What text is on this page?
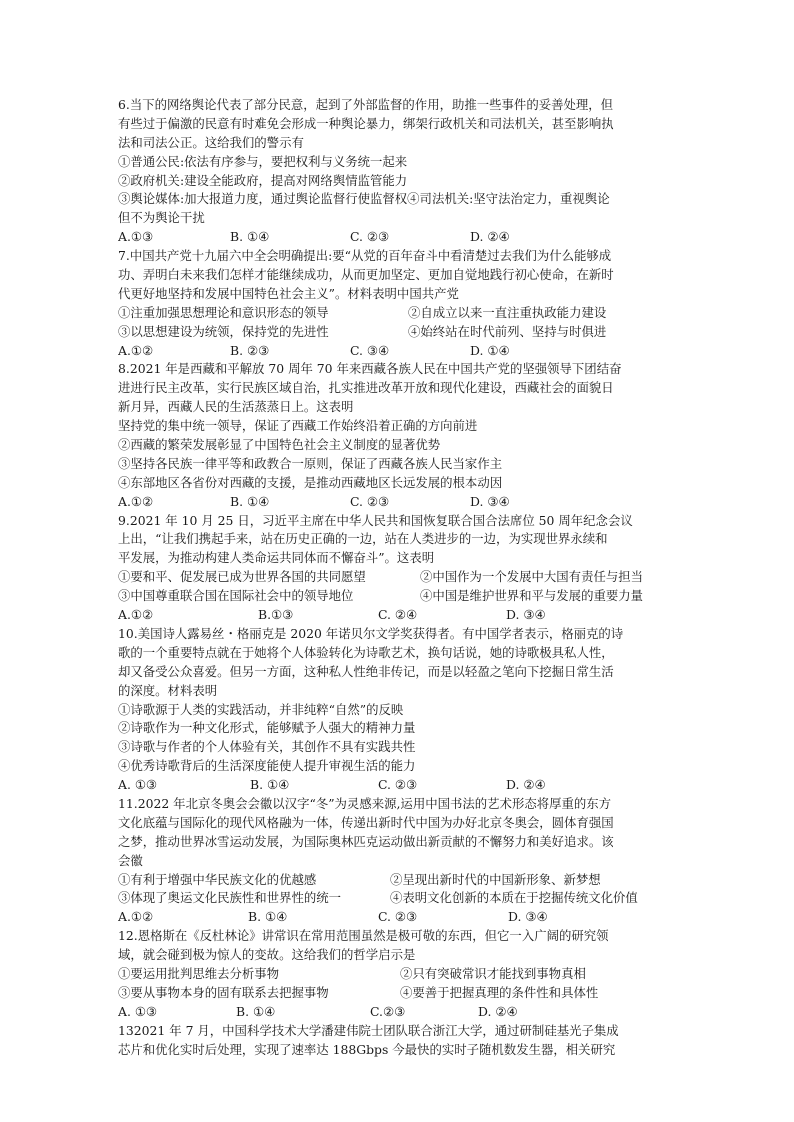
6.当下的网络舆论代表了部分民意，起到了外部监督的作用，助推一些事件的妥善处理，但
有些过于偏激的民意有时难免会形成一种舆论暴力，绑架行政机关和司法机关，甚至影响执
法和司法公正。这给我们的警示有
①普通公民:依法有序参与，要把权利与义务统一起来
②政府机关:建设全能政府，提高对网络舆情监管能力
③舆论媒体:加大报道力度，通过舆论监督行使监督权④司法机关:坚守法治定力，重视舆论
但不为舆论干扰
A.①③	B. ①④	C. ②③	D. ②④
7.中国共产党十九届六中全会明确提出:要“从党的百年奋斗中看清楚过去我们为什么能够成
功、弄明白未来我们怎样才能继续成功，从而更加坚定、更加自觉地践行初心使命，在新时
代更好地坚持和发展中国特色社会主义”。材料表明中国共产党
①注重加强思想理论和意识形态的领导	②自成立以来一直注重执政能力建设
③以思想建设为统领，保持党的先进性	④始终站在时代前列、坚持与时俱进
A.①②	B. ②③	C. ③④	D. ①④
8.2021 年是西藏和平解放 70 周年 70 年来西藏各族人民在中国共产党的坚强领导下团结奋
进进行民主改革，实行民族区域自治，扎实推进改革开放和现代化建设，西藏社会的面貌日
新月异，西藏人民的生活蒸蒸日上。这表明
坚持党的集中统一领导，保证了西藏工作始终沿着正确的方向前进
②西藏的繁荣发展彰显了中国特色社会主义制度的显著优势
③坚持各民族一律平等和政教合一原则，保证了西藏各族人民当家作主
④东部地区各省份对西藏的支援，是推动西藏地区长远发展的根本动因
A.①②	B. ①④	C. ②③	D. ③④
9.2021 年 10 月 25 日，习近平主席在中华人民共和国恢复联合国合法席位 50 周年纪念会议
上出，“让我们携起手来，站在历史正确的一边，站在人类进步的一边，为实现世界永续和
平发展，为推动构建人类命运共同体而不懈奋斗”。这表明
①要和平、促发展已成为世界各国的共同愿望	②中国作为一个发展中大国有责任与担当
③中国尊重联合国在国际社会中的领导地位	④中国是维护世界和平与发展的重要力量
A.①②	B.①③	C. ②④	D. ③④
10.美国诗人露易丝・格丽克是 2020 年诺贝尔文学奖获得者。有中国学者表示，格丽克的诗
歌的一个重要特点就在于她将个人体验转化为诗歌艺术，换句话说，她的诗歌极具私人性，
却又备受公众喜爱。但另一方面，这种私人性绝非传记，而是以轻盈之笔向下挖掘日常生活
的深度。材料表明
①诗歌源于人类的实践活动，并非纯粹“自然”的反映
②诗歌作为一种文化形式，能够赋予人强大的精神力量
③诗歌与作者的个人体验有关，其创作不具有实践共性
④优秀诗歌背后的生活深度能使人提升审视生活的能力
A. ①③	B. ①④	C. ②③	D. ②④
11.2022 年北京冬奥会会徽以汉字“冬”为灵感来源,运用中国书法的艺术形态将厚重的东方
文化底蕴与国际化的现代风格融为一体，传递出新时代中国为办好北京冬奥会，圆体育强国
之梦，推动世界冰雪运动发展，为国际奥林匹克运动做出新贡献的不懈努力和美好追求。该
会徽
①有利于增强中华民族文化的优越感	②呈现出新时代的中国新形象、新梦想
③体现了奥运文化民族性和世界性的统一	④表明文化创新的本质在于挖掘传统文化价值
A.①②	B. ①④	C. ②③	D. ③④
12.恩格斯在《反杜林论》讲常识在常用范围虽然是极可敬的东西，但它一入广阔的研究领
域，就会碰到极为惊人的变故。这给我们的哲学启示是
①要运用批判思维去分析事物	②只有突破常识才能找到事物真相
③要从事物本身的固有联系去把握事物	④要善于把握真理的条件性和具体性
A. ①③	B. ①④	C.②③	D. ②④
132021 年 7 月，中国科学技术大学潘建伟院士团队联合浙江大学，通过研制硅基光子集成
芯片和优化实时后处理，实现了速率达 188Gbps 今最快的实时子随机数发生器，相关研究
